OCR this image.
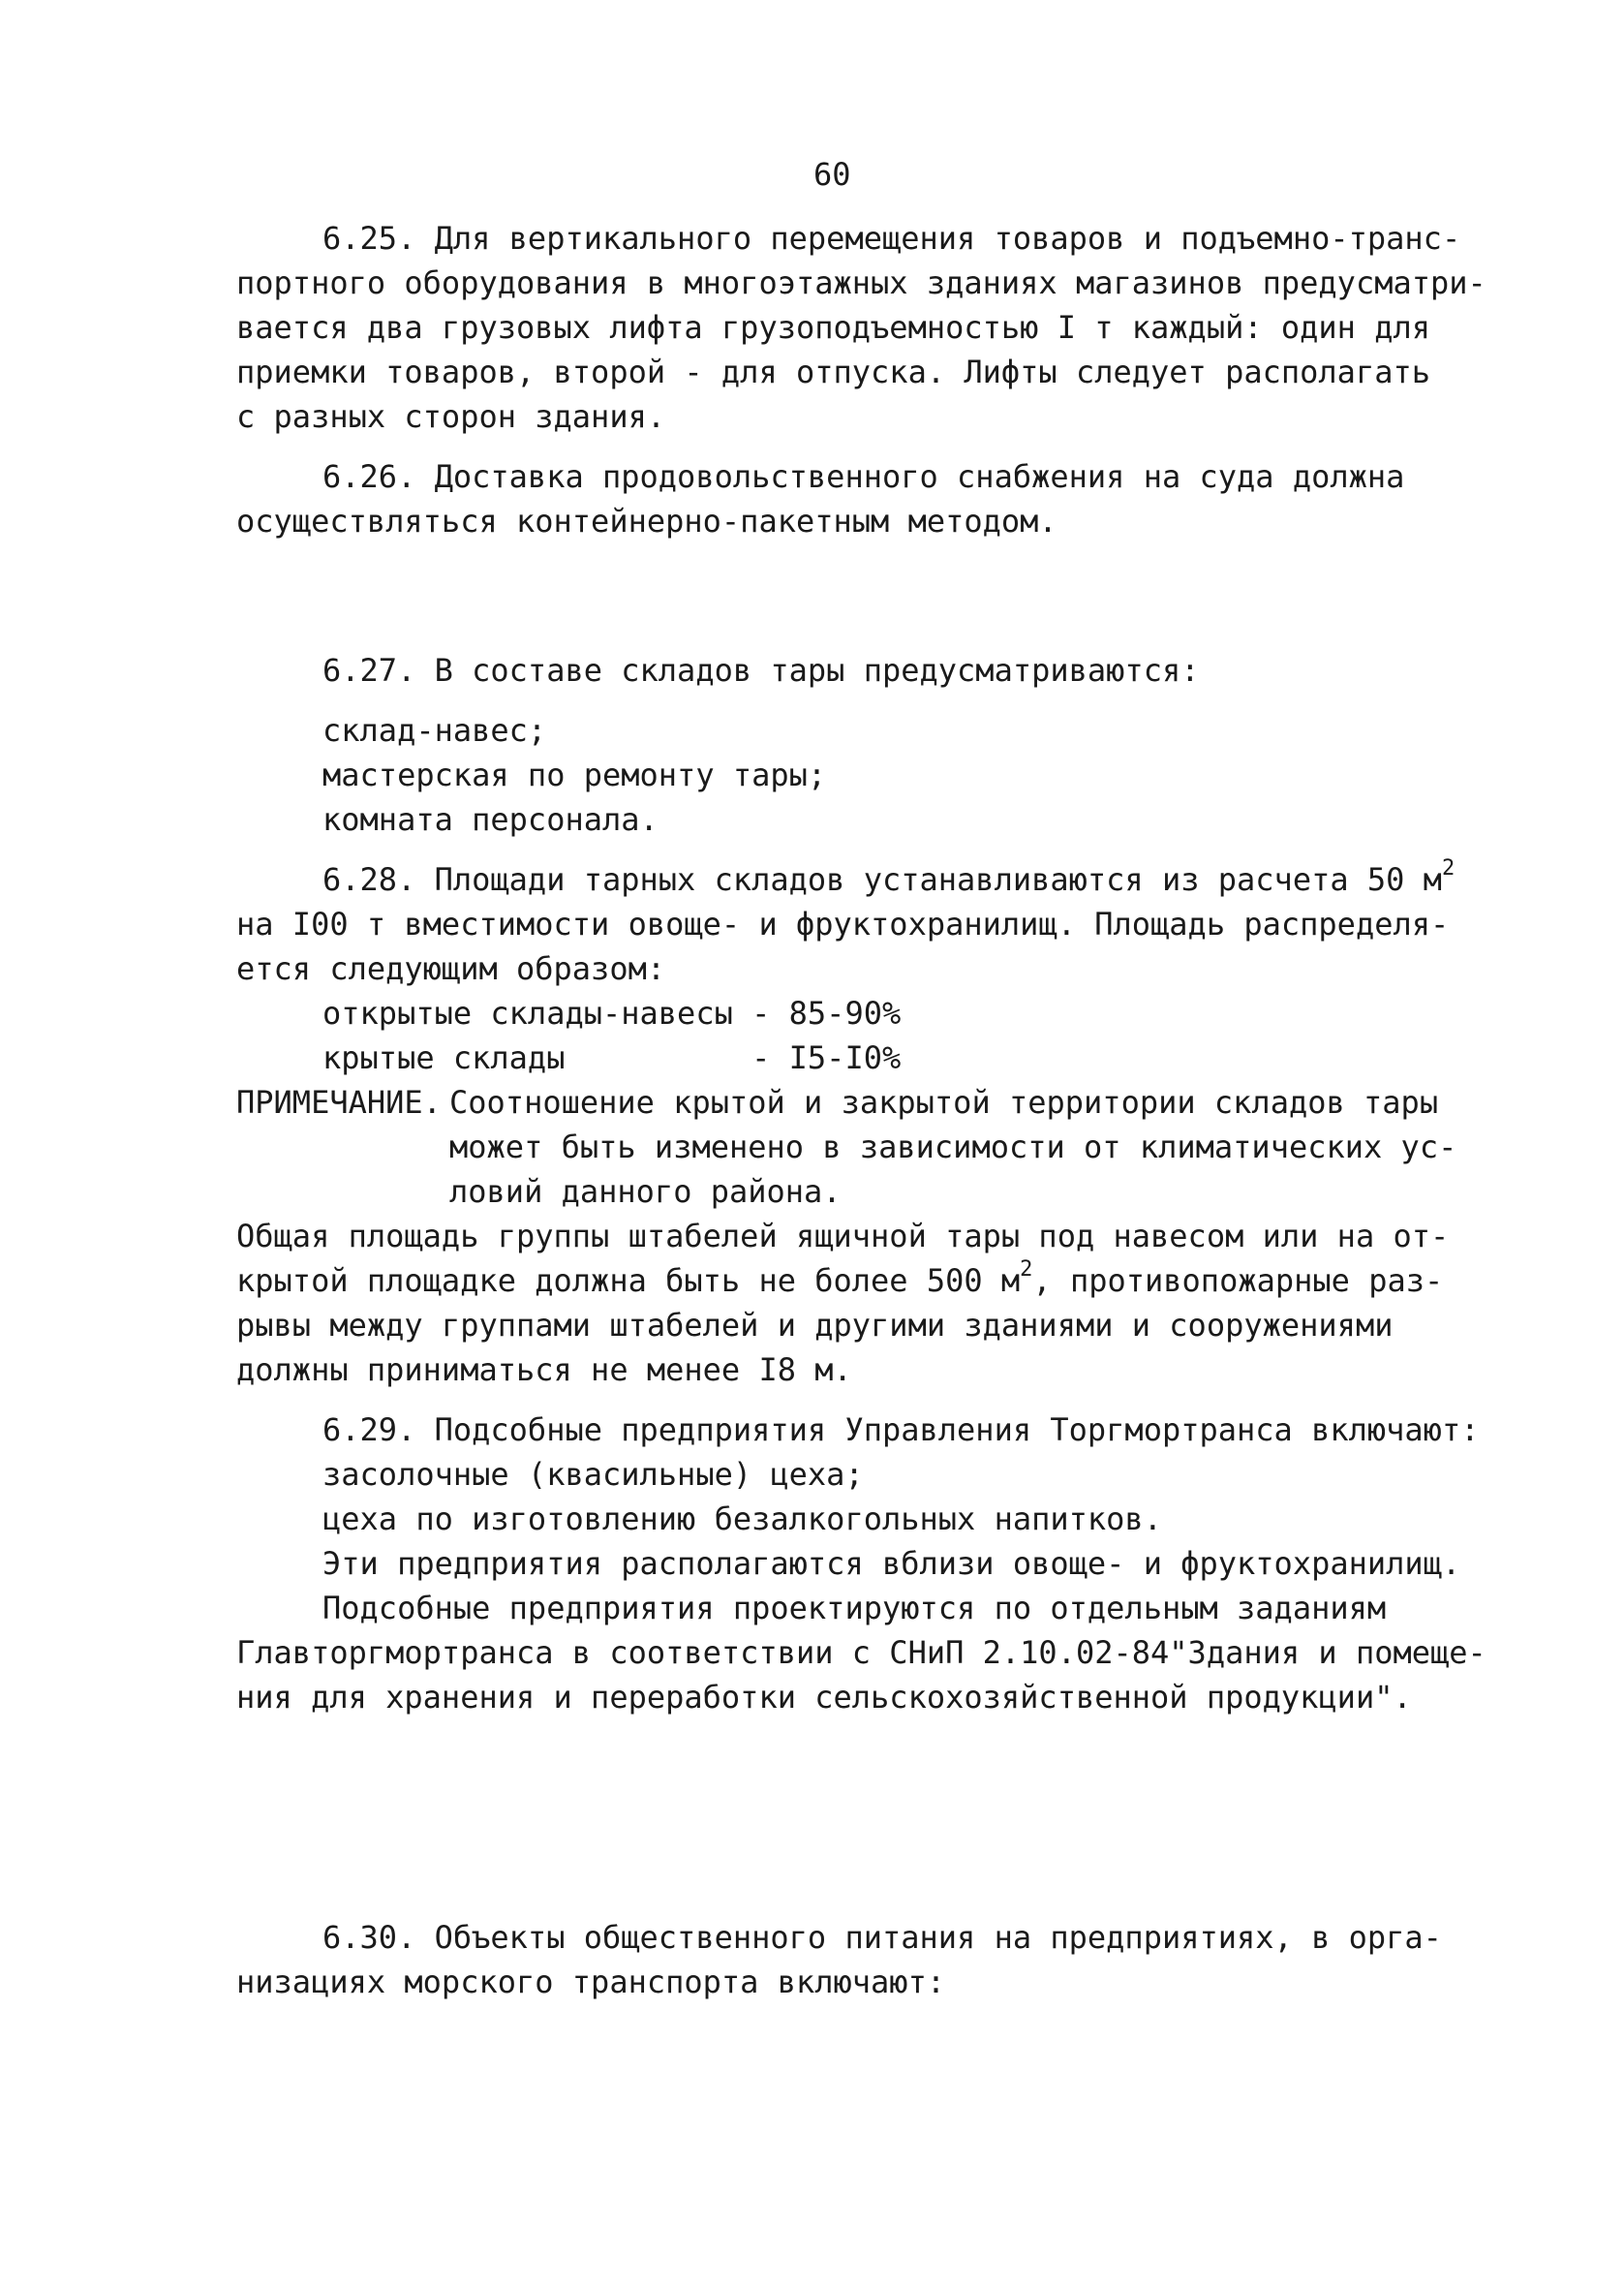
60
6.25. Для вертикального перемещения товаров и подъемно-транс-
портного оборудования в многоэтажных зданиях магазинов предусматри-
вается два грузовых лифта грузоподъемностью I т каждый: один для
приемки товаров, второй - для отпуска. Лифты следует располагать
с разных сторон здания.
6.26. Доставка продовольственного снабжения на суда должна
осуществляться контейнерно-пакетным методом.
6.27. В составе складов тары предусматриваются:
склад-навес;
мастерская по ремонту тары;
комната персонала.
6.28. Площади тарных складов устанавливаются из расчета 50 $м^2$
на I00 т вместимости овоще- и фруктохранилищ. Площадь распределя-
ется следующим образом:
открытые склады-навесы - 85-90%
крытые склады          - I5-I0%
ПРИМЕЧАНИЕ. Соотношение крытой и закрытой территории складов тары
может быть изменено в зависимости от климатических ус-
ловий данного района.
Общая площадь группы штабелей ящичной тары под навесом или на от-
крытой площадке должна быть не более 500 $м^2$, противопожарные раз-
рывы между группами штабелей и другими зданиями и сооружениями
должны приниматься не менее I8 м.
6.29. Подсобные предприятия Управления Торгмортранса включают:
засолочные (квасильные) цеха;
цеха по изготовлению безалкогольных напитков.
Эти предприятия располагаются вблизи овоще- и фруктохранилищ.
Подсобные предприятия проектируются по отдельным заданиям
Главторгмортранса в соответствии с СНиП 2.10.02-84"Здания и помеще-
ния для хранения и переработки сельскохозяйственной продукции".
6.30. Объекты общественного питания на предприятиях, в орга-
низациях морского транспорта включают:
